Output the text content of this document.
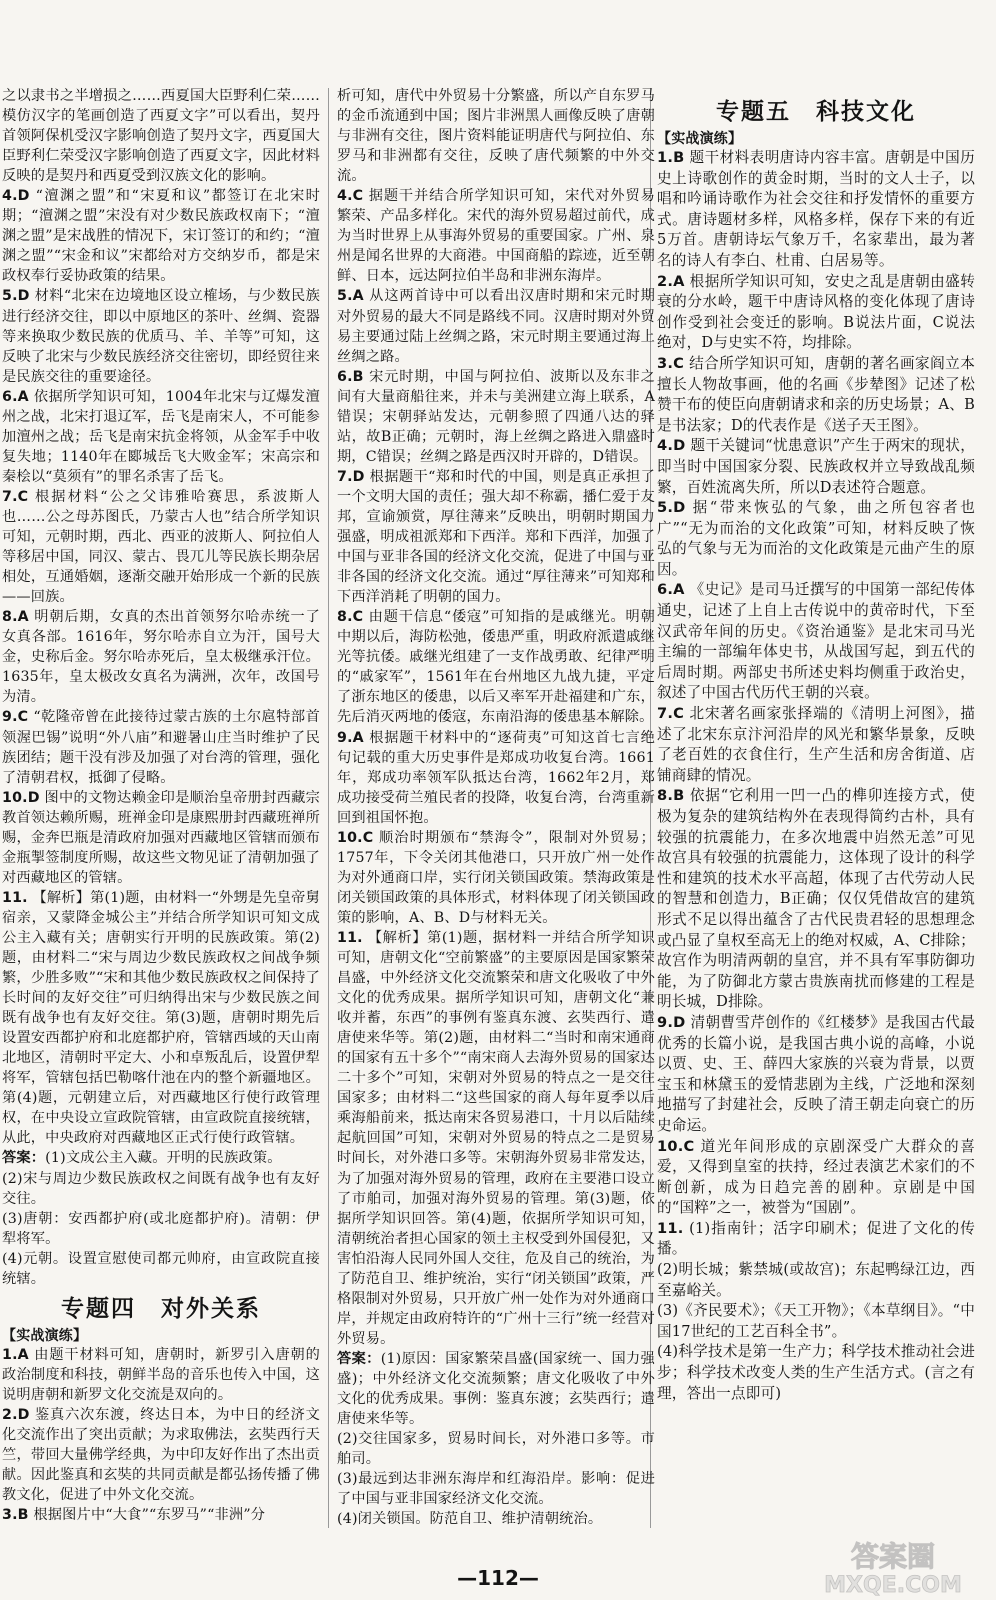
之以隶书之半增损之……西夏国大臣野利仁荣……模仿汉字的笔画创造了西夏文字”可以看出，契丹首领阿保机受汉字影响创造了契丹文字，西夏国大臣野利仁荣受汉字影响创造了西夏文字，因此材料反映的是契丹和西夏受到汉族文化的影响。

4.D “澶渊之盟”和“宋夏和议”都签订在北宋时期；“澶渊之盟”宋没有对少数民族政权南下；“澶渊之盟”是宋战胜的情况下，宋订签订的和约；“澶渊之盟”“宋金和议”宋都给对方交纳岁币，都是宋政权奉行妥协政策的结果。

5.D 材料“北宋在边境地区设立榷场，与少数民族进行经济交往，即以中原地区的茶叶、丝绸、瓷器等来换取少数民族的优质马、羊、羊等”可知，这反映了北宋与少数民族经济交往密切，即经贸往来是民族交往的重要途径。

6.A 依据所学知识可知，1004年北宋与辽爆发澶州之战，北宋打退辽军，岳飞是南宋人，不可能参加澶州之战；岳飞是南宋抗金将领，从金军手中收复失地；1140年在郾城岳飞大败金军；宋高宗和秦桧以“莫须有”的罪名杀害了岳飞。

7.C 根据材料“公之父讳雅哈赛思，系波斯人也……公之母苏图氏，乃蒙古人也”结合所学知识可知，元朝时期，西北、西亚的波斯人、阿拉伯人等移居中国，同汉、蒙古、畏兀儿等民族长期杂居相处，互通婚姻，逐渐交融开始形成一个新的民族——回族。

8.A 明朝后期，女真的杰出首领努尔哈赤统一了女真各部。1616年，努尔哈赤自立为汗，国号大金，史称后金。努尔哈赤死后，皇太极继承汗位。1635年，皇太极改女真名为满洲，次年，改国号为清。

9.C “乾隆帝曾在此接待过蒙古族的土尔扈特部首领渥巴锡”说明“外八庙”和避暑山庄当时维护了民族团结；题干没有涉及加强了对台湾的管理，强化了清朝君权，抵御了侵略。

10.D 图中的文物达赖金印是顺治皇帝册封西藏宗教首领达赖所赐，班禅金印是康熙册封西藏班禅所赐，金奔巴瓶是清政府加强对西藏地区管辖而颁布金瓶掣签制度所赐，故这些文物见证了清朝加强了对西藏地区的管辖。

11. 【解析】第(1)题，由材料一“外甥是先皇帝舅宿亲，又蒙降金城公主”并结合所学知识可知文成公主入藏有关；唐朝实行开明的民族政策。第(2)题，由材料二“宋与周边少数民族政权之间战争频繁，少胜多败”“宋和其他少数民族政权之间保持了长时间的友好交往”可归纳得出宋与少数民族之间既有战争也有友好交往。第(3)题，唐朝时期先后设置安西都护府和北庭都护府，管辖西域的天山南北地区，清朝时平定大、小和卓叛乱后，设置伊犁将军，管辖包括巴勒喀什池在内的整个新疆地区。第(4)题，元朝建立后，对西藏地区行使行政管理权，在中央设立宣政院管辖，由宣政院直接统辖，从此，中央政府对西藏地区正式行使行政管辖。

答案：(1)文成公主入藏。开明的民族政策。

(2)宋与周边少数民族政权之间既有战争也有友好交往。

(3)唐朝：安西都护府(或北庭都护府)。清朝：伊犁将军。

(4)元朝。设置宣慰使司都元帅府，由宣政院直接统辖。

专题四　对外关系
【实战演练】

1.A 由题干材料可知，唐朝时，新罗引入唐朝的政治制度和科技，朝鲜半岛的音乐也传入中国，这说明唐朝和新罗文化交流是双向的。

2.D 鉴真六次东渡，终达日本，为中日的经济文化交流作出了突出贡献；为求取佛法，玄奘西行天竺，带回大量佛学经典，为中印友好作出了杰出贡献。因此鉴真和玄奘的共同贡献是都弘扬传播了佛教文化，促进了中外文化交流。

3.B 根据图片中“大食”“东罗马”“非洲”分

析可知，唐代中外贸易十分繁盛，所以产自东罗马的金币流通到中国；图片非洲黑人画像反映了唐朝与非洲有交往，图片资料能证明唐代与阿拉伯、东罗马和非洲都有交往，反映了唐代频繁的中外交流。

4.C 据题干并结合所学知识可知，宋代对外贸易繁荣、产品多样化。宋代的海外贸易超过前代，成为当时世界上从事海外贸易的重要国家。广州、泉州是闻名世界的大商港。中国商船的踪迹，近至朝鲜、日本，远达阿拉伯半岛和非洲东海岸。

5.A 从这两首诗中可以看出汉唐时期和宋元时期对外贸易的最大不同是路线不同。汉唐时期对外贸易主要通过陆上丝绸之路，宋元时期主要通过海上丝绸之路。

6.B 宋元时期，中国与阿拉伯、波斯以及东非之间有大量商船往来，并未与美洲建立海上联系，A错误；宋朝驿站发达，元朝参照了四通八达的驿站，故B正确；元朝时，海上丝绸之路进入鼎盛时期，C错误；丝绸之路是西汉时开辟的，D错误。

7.D 根据题干“郑和时代的中国，则是真正承担了一个文明大国的责任；强大却不称霸，播仁爱于友邦，宣谕颁赏，厚往薄来”反映出，明朝时期国力强盛，明成祖派郑和下西洋。郑和下西洋，加强了中国与亚非各国的经济文化交流，促进了中国与亚非各国的经济文化交流。通过“厚往薄来”可知郑和下西洋消耗了明朝的国力。

8.C 由题干信息“倭寇”可知指的是戚继光。明朝中期以后，海防松弛，倭患严重，明政府派遣戚继光等抗倭。戚继光组建了一支作战勇敢、纪律严明的“戚家军”，1561年在台州地区九战九捷，平定了浙东地区的倭患，以后又率军开赴福建和广东，先后消灭两地的倭寇，东南沿海的倭患基本解除。

9.A 根据题干材料中的“逐荷夷”可知这首七言绝句记载的重大历史事件是郑成功收复台湾。1661年，郑成功率领军队抵达台湾，1662年2月，郑成功接受荷兰殖民者的投降，收复台湾，台湾重新回到祖国怀抱。

10.C 顺治时期颁布“禁海令”，限制对外贸易；1757年，下令关闭其他港口，只开放广州一处作为对外通商口岸，实行闭关锁国政策。禁海政策是闭关锁国政策的具体形式，材料体现了闭关锁国政策的影响，A、B、D与材料无关。

11. 【解析】第(1)题，据材料一并结合所学知识可知，唐朝文化“空前繁盛”的主要原因是国家繁荣昌盛，中外经济文化交流繁荣和唐文化吸收了中外文化的优秀成果。据所学知识可知，唐朝文化“兼收并蓄，东西”的事例有鉴真东渡、玄奘西行、遣唐使来华等。第(2)题，由材料二“当时和南宋通商的国家有五十多个”“南宋商人去海外贸易的国家达二十多个”可知，宋朝对外贸易的特点之一是交往国家多；由材料二“这些国家的商人每年夏季以后乘海船前来，抵达南宋各贸易港口，十月以后陆续起航回国”可知，宋朝对外贸易的特点之二是贸易时间长，对外港口多等。宋朝海外贸易非常发达，为了加强对海外贸易的管理，政府在主要港口设立了市舶司，加强对海外贸易的管理。第(3)题，依据所学知识回答。第(4)题，依据所学知识可知，清朝统治者担心国家的领土主权受到外国侵犯，又害怕沿海人民同外国人交往，危及自己的统治，为了防范自卫、维护统治，实行“闭关锁国”政策，严格限制对外贸易，只开放广州一处作为对外通商口岸，并规定由政府特许的“广州十三行”统一经营对外贸易。

答案：(1)原因：国家繁荣昌盛(国家统一、国力强盛)；中外经济文化交流频繁；唐文化吸收了中外文化的优秀成果。事例：鉴真东渡；玄奘西行；遣唐使来华等。

(2)交往国家多，贸易时间长，对外港口多等。市舶司。

(3)最远到达非洲东海岸和红海沿岸。影响：促进了中国与亚非国家经济文化交流。

(4)闭关锁国。防范自卫、维护清朝统治。

专题五　科技文化
【实战演练】

1.B 题干材料表明唐诗内容丰富。唐朝是中国历史上诗歌创作的黄金时期，当时的文人士子，以唱和吟诵诗歌作为社会交往和抒发情怀的重要方式。唐诗题材多样，风格多样，保存下来的有近5万首。唐朝诗坛气象万千，名家辈出，最为著名的诗人有李白、杜甫、白居易等。

2.A 根据所学知识可知，安史之乱是唐朝由盛转衰的分水岭，题干中唐诗风格的变化体现了唐诗创作受到社会变迁的影响。B说法片面，C说法绝对，D与史实不符，均排除。

3.C 结合所学知识可知，唐朝的著名画家阎立本擅长人物故事画，他的名画《步辇图》记述了松赞干布的使臣向唐朝请求和亲的历史场景；A、B是书法家；D的代表作是《送子天王图》。

4.D 题干关键词“忧患意识”产生于两宋的现状，即当时中国国家分裂、民族政权并立导致战乱频繁，百姓流离失所，所以D表述符合题意。

5.D 据“带来恢弘的气象，曲之所包容者也广”“无为而治的文化政策”可知，材料反映了恢弘的气象与无为而治的文化政策是元曲产生的原因。

6.A 《史记》是司马迁撰写的中国第一部纪传体通史，记述了上自上古传说中的黄帝时代，下至汉武帝年间的历史。《资治通鉴》是北宋司马光主编的一部编年体史书，从战国写起，到五代的后周时期。两部史书所述史料均侧重于政治史，叙述了中国古代历代王朝的兴衰。

7.C 北宋著名画家张择端的《清明上河图》，描述了北宋东京汴河沿岸的风光和繁华景象，反映了老百姓的衣食住行，生产生活和房舍街道、店铺商肆的情况。

8.B 依据“它利用一凹一凸的榫卯连接方式，使极为复杂的建筑结构外在表现得简约古朴，具有较强的抗震能力，在多次地震中岿然无恙”可见故宫具有较强的抗震能力，这体现了设计的科学性和建筑的技术水平高超，体现了古代劳动人民的智慧和创造力，B正确；仅仅凭借故宫的建筑形式不足以得出蕴含了古代民贵君轻的思想理念或凸显了皇权至高无上的绝对权威，A、C排除；故宫作为明清两朝的皇宫，并不具有军事防御功能，为了防御北方蒙古贵族南扰而修建的工程是明长城，D排除。

9.D 清朝曹雪芹创作的《红楼梦》是我国古代最优秀的长篇小说，是我国古典小说的高峰，小说以贾、史、王、薛四大家族的兴衰为背景，以贾宝玉和林黛玉的爱情悲剧为主线，广泛地和深刻地描写了封建社会，反映了清王朝走向衰亡的历史命运。

10.C 道光年间形成的京剧深受广大群众的喜爱，又得到皇室的扶持，经过表演艺术家们的不断创新，成为日趋完善的剧种。京剧是中国的“国粹”之一，被誉为“国剧”。

11. (1)指南针；活字印刷术；促进了文化的传播。

(2)明长城；紫禁城(或故宫)；东起鸭绿江边，西至嘉峪关。

(3)《齐民要术》；《天工开物》；《本草纲目》。“中国17世纪的工艺百科全书”。

(4)科学技术是第一生产力；科学技术推动社会进步；科学技术改变人类的生产生活方式。(言之有理，答出一点即可)

—112—
答案圈
MXQE.COM
